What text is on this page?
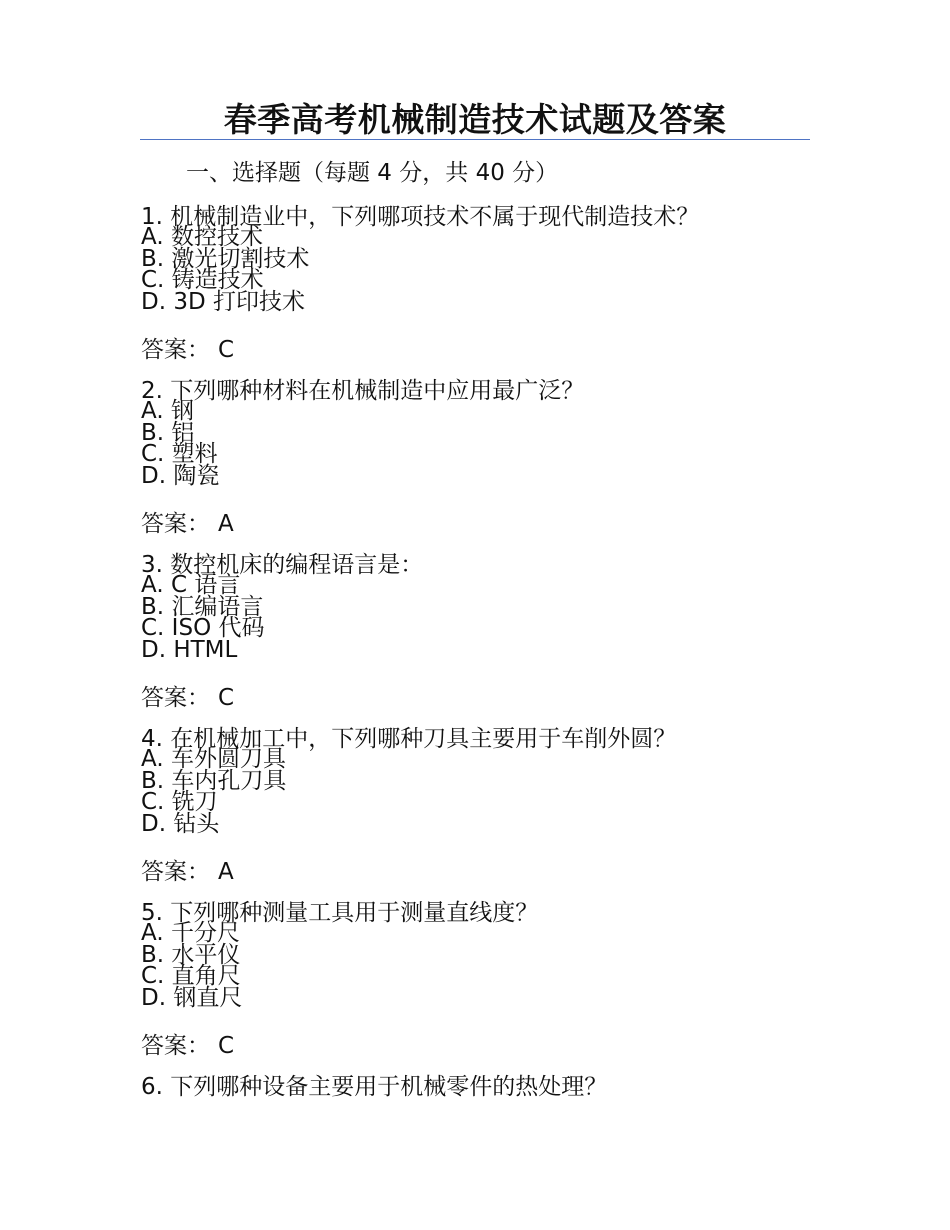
春季高考机械制造技术试题及答案
一、选择题（每题 4 分，共 40 分）

1. 机械制造业中，下列哪项技术不属于现代制造技术？

A. 数控技术
B. 激光切割技术
C. 铸造技术
D. 3D 打印技术
答案： C

2. 下列哪种材料在机械制造中应用最广泛？

A. 钢
B. 铝
C. 塑料
D. 陶瓷
答案： A

3. 数控机床的编程语言是：

A. C 语言
B. 汇编语言
C. ISO 代码
D. HTML
答案： C

4. 在机械加工中，下列哪种刀具主要用于车削外圆？

A. 车外圆刀具
B. 车内孔刀具
C. 铣刀
D. 钻头
答案： A

5. 下列哪种测量工具用于测量直线度？

A. 千分尺
B. 水平仪
C. 直角尺
D. 钢直尺
答案： C

6. 下列哪种设备主要用于机械零件的热处理？
